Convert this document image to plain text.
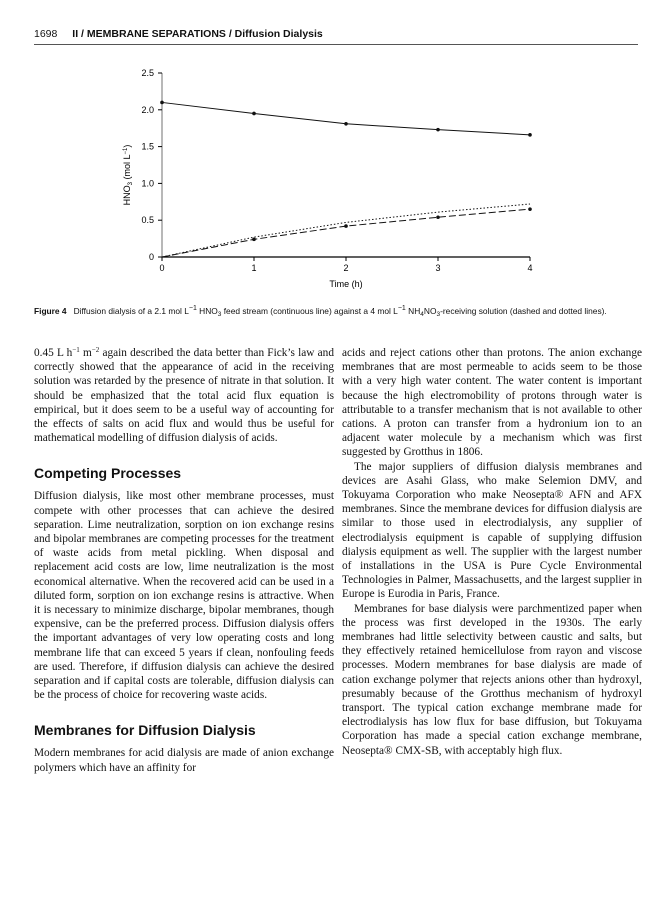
1698 II / MEMBRANE SEPARATIONS / Diffusion Dialysis
0	1	2	3	4
0
0.5
1.0
1.5
2.0
2.5
Time (h)
$HNO_3$ (mol $L^{-1}$)
Figure 4 Diffusion dialysis of a 2.1 mol $L^{-1}$ $HNO_3$ feed stream (continuous line) against a 4 mol $L^{-1}$ $NH_4NO_3$-receiving solution (dashed and dotted lines).

0.45 L $h^{-1}$ $m^{-2}$ again described the data better than Fick’s law and correctly showed that the appearance of acid in the receiving solution was retarded by the presence of nitrate in that solution. It should be emphasized that the total acid flux equation is empirical, but it does seem to be a useful way of accounting for the effects of salts on acid flux and would thus be useful for mathematical modelling of diffusion dialysis of acids.

Competing Processes

Diffusion dialysis, like most other membrane processes, must compete with other processes that can achieve the desired separation. Lime neutralization, sorption on ion exchange resins and bipolar membranes are competing processes for the treatment of waste acids from metal pickling. When disposal and replacement acid costs are low, lime neutralization is the most economical alternative. When the recovered acid can be used in a diluted form, sorption on ion exchange resins is attractive. When it is necessary to minimize discharge, bipolar membranes, though expensive, can be the preferred process. Diffusion dialysis offers the important advantages of very low operating costs and long membrane life that can exceed 5 years if clean, nonfouling feeds are used. Therefore, if diffusion dialysis can achieve the desired separation and if capital costs are tolerable, diffusion dialysis can be the process of choice for recovering waste acids.

Membranes for Diffusion Dialysis

Modern membranes for acid dialysis are made of anion exchange polymers which have an affinity for

acids and reject cations other than protons. The anion exchange membranes that are most permeable to acids seem to be those with a very high water content. The water content is important because the high electromobility of protons through water is attributable to a transfer mechanism that is not available to other cations. A proton can transfer from a hydronium ion to an adjacent water molecule by a mechanism which was first suggested by Grotthus in 1806.

The major suppliers of diffusion dialysis membranes and devices are Asahi Glass, who make Selemion DMV, and Tokuyama Corporation who make Neosepta® AFN and AFX membranes. Since the membrane devices for diffusion dialysis are similar to those used in electrodialysis, any supplier of electrodialysis equipment is capable of supplying diffusion dialysis equipment as well. The supplier with the largest number of installations in the USA is Pure Cycle Environmental Technologies in Palmer, Massachusetts, and the largest supplier in Europe is Eurodia in Paris, France.

Membranes for base dialysis were parchmentized paper when the process was first developed in the 1930s. The early membranes had little selectivity between caustic and salts, but they effectively retained hemicellulose from rayon and viscose processes. Modern membranes for base dialysis are made of cation exchange polymer that rejects anions other than hydroxyl, presumably because of the Grotthus mechanism of hydroxyl transport. The typical cation exchange membrane made for electrodialysis has low flux for base diffusion, but Tokuyama Corporation has made a special cation exchange membrane, Neosepta® CMX-SB, with acceptably high flux.
